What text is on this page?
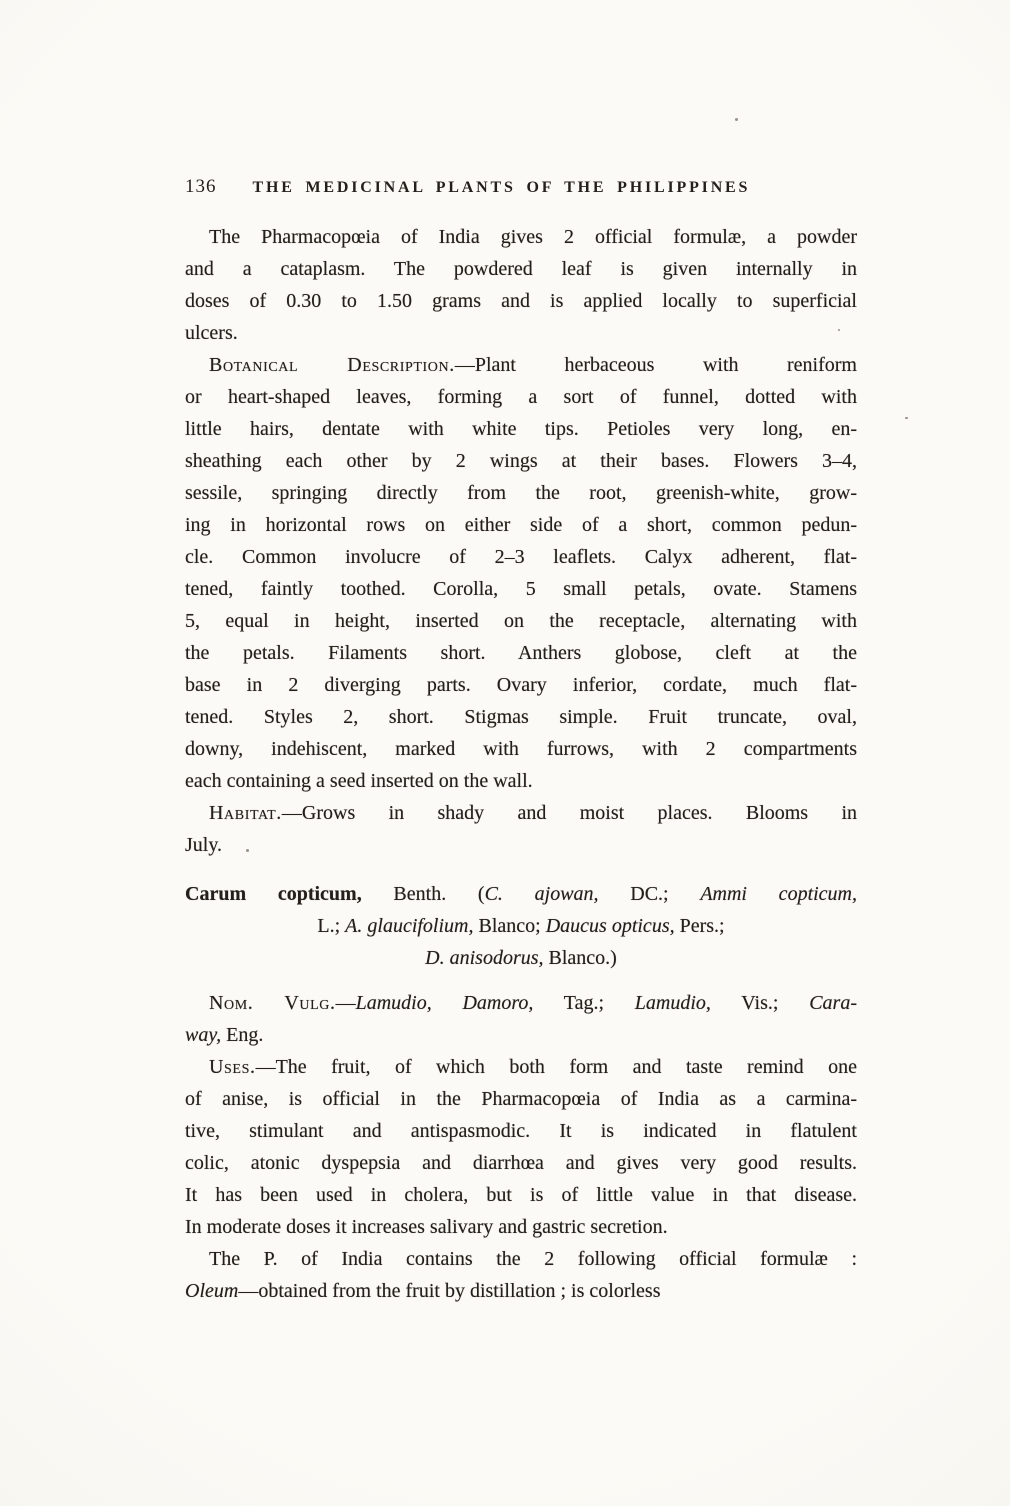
136 THE MEDICINAL PLANTS OF THE PHILIPPINES
The Pharmacopœia of India gives 2 official formulæ, a powder
and a cataplasm. The powdered leaf is given internally in
doses of 0.30 to 1.50 grams and is applied locally to superficial
ulcers.
Botanical Description.—Plant herbaceous with reniform
or heart-shaped leaves, forming a sort of funnel, dotted with
little hairs, dentate with white tips. Petioles very long, en-
sheathing each other by 2 wings at their bases. Flowers 3–4,
sessile, springing directly from the root, greenish-white, grow-
ing in horizontal rows on either side of a short, common pedun-
cle. Common involucre of 2–3 leaflets. Calyx adherent, flat-
tened, faintly toothed. Corolla, 5 small petals, ovate. Stamens
5, equal in height, inserted on the receptacle, alternating with
the petals. Filaments short. Anthers globose, cleft at the
base in 2 diverging parts. Ovary inferior, cordate, much flat-
tened. Styles 2, short. Stigmas simple. Fruit truncate, oval,
downy, indehiscent, marked with furrows, with 2 compartments
each containing a seed inserted on the wall.
Habitat.—Grows in shady and moist places. Blooms in
July.
Carum copticum, Benth. (C. ajowan, DC.; Ammi copticum,
L.; A. glaucifolium, Blanco; Daucus opticus, Pers.;
D. anisodorus, Blanco.)
Nom. Vulg.—Lamudio, Damoro, Tag.; Lamudio, Vis.; Cara-
way, Eng.
Uses.—The fruit, of which both form and taste remind one
of anise, is official in the Pharmacopœia of India as a carmina-
tive, stimulant and antispasmodic. It is indicated in flatulent
colic, atonic dyspepsia and diarrhœa and gives very good results.
It has been used in cholera, but is of little value in that disease.
In moderate doses it increases salivary and gastric secretion.
The P. of India contains the 2 following official formulæ :
Oleum—obtained from the fruit by distillation ; is colorless
